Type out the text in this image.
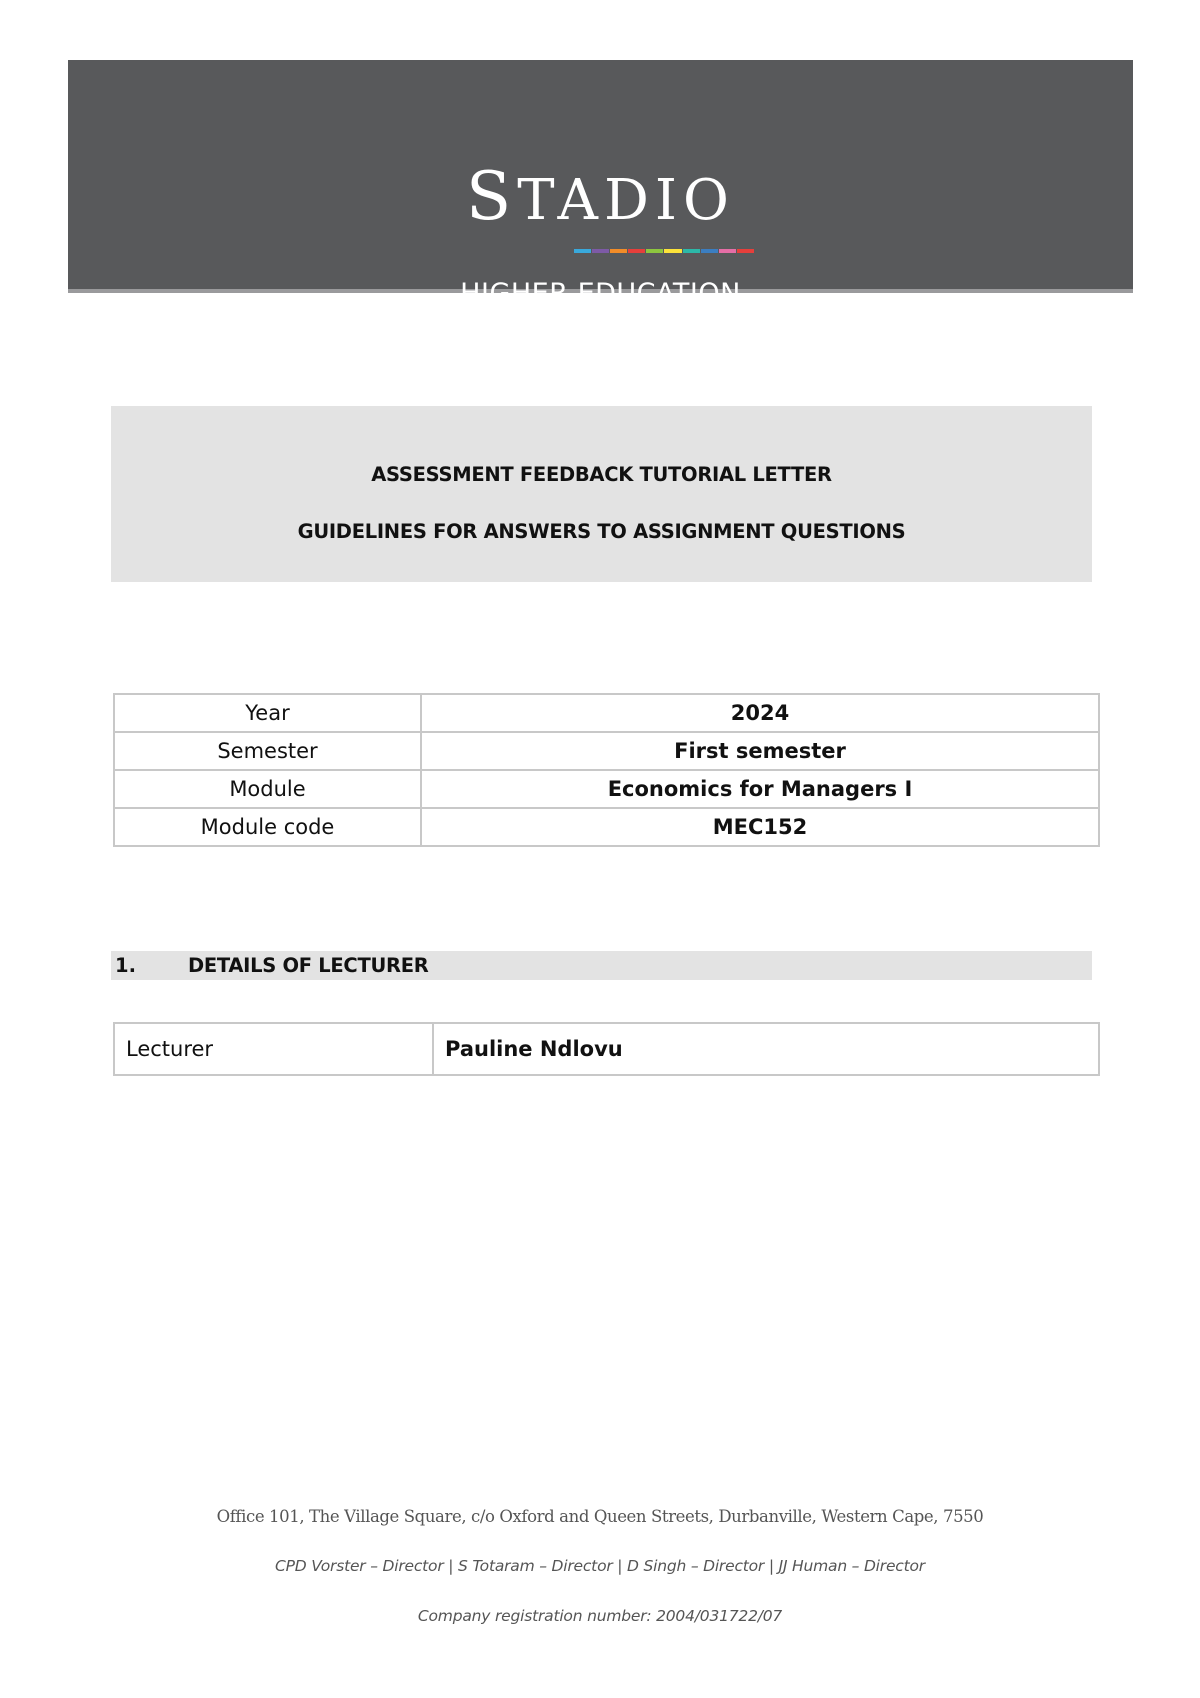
STADIO
HIGHER EDUCATION
ASSESSMENT FEEDBACK TUTORIAL LETTER
GUIDELINES FOR ANSWERS TO ASSIGNMENT QUESTIONS
Year	2024
Semester	First semester
Module	Economics for Managers I
Module code	MEC152
1.	DETAILS OF LECTURER
Lecturer	Pauline Ndlovu
Office 101, The Village Square, c/o Oxford and Queen Streets, Durbanville, Western Cape, 7550
CPD Vorster – Director | S Totaram – Director | D Singh – Director | JJ Human – Director
Company registration number: 2004/031722/07
